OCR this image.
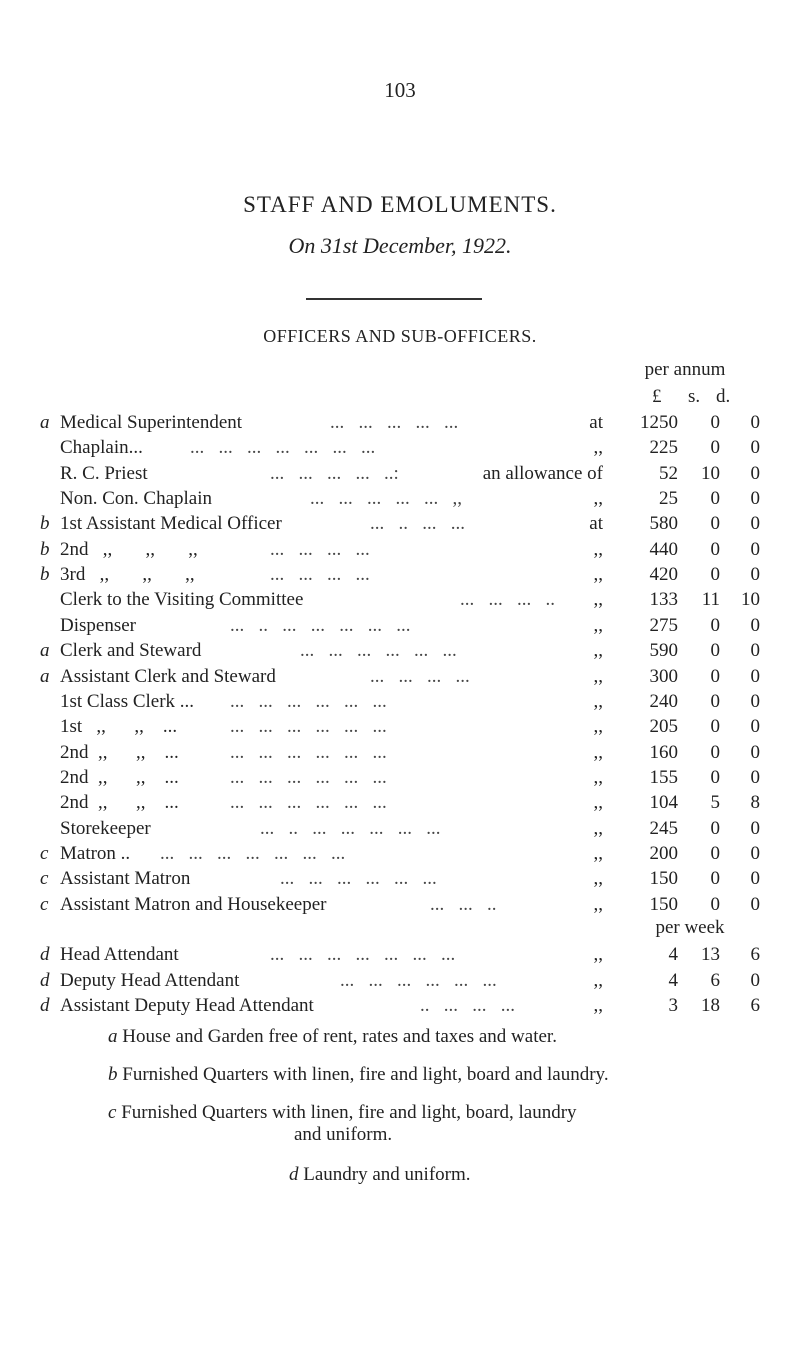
103
STAFF AND EMOLUMENTS.
On 31st December, 1922.
OFFICERS AND SUB-OFFICERS.
per annum
£ s. d.
a Medical Superintendent	...   ...   ...   ...   ...	at	1250	0	0
Chaplain... ...   ...   ...   ...   ...   ...   ...	,,	225	0	0
R. C. Priest	...   ...   ...   ...   ..:	an allowance of	52	10	0
Non. Con. Chaplain	...   ...   ...   ...   ...   ,,	,,	25	0	0
b 1st Assistant Medical Officer	...   ..   ...   ...	at	580	0	0
b 2nd   ,,       ,,       ,,	...   ...   ...   ...	,,	440	0	0
b 3rd   ,,       ,,       ,,	...   ...   ...   ...	,,	420	0	0
Clerk to the Visiting Committee	...   ...   ...   .. ,,	133	11	10
Dispenser	...   ..   ...   ...   ...   ...   ...	,,	275	0	0
a Clerk and Steward	...   ...   ...   ...   ...   ...	,,	590	0	0
a Assistant Clerk and Steward	...   ...   ...   ...	,,	300	0	0
1st Class Clerk ... ...   ...   ...   ...   ...   ...	,,	240	0	0
1st   ,,      ,,    ...	...   ...   ...   ...   ...   ...	,,	205	0	0
2nd  ,,      ,,    ...	...   ...   ...   ...   ...   ...	,,	160	0	0
2nd  ,,      ,,    ...	...   ...   ...   ...   ...   ...	,,	155	0	0
2nd  ,,      ,,    ...	...   ...   ...   ...   ...   ...	,,	104	5	8
Storekeeper	...   ..   ...   ...   ...   ...   ...	,,	245	0	0
c Matron .. ...   ...   ...   ...   ...   ...   ...	,,	200	0	0
c Assistant Matron	...   ...   ...   ...   ...   ...	,,	150	0	0
c Assistant Matron and Housekeeper	...   ...   ..	,,	150	0	0
per week
d Head Attendant	...   ...   ...   ...   ...   ...   ...	,,	4	13	6
d Deputy Head Attendant	...   ...   ...   ...   ...   ...	,,	4	6	0
d Assistant Deputy Head Attendant	..   ...   ...   ...	,,	3	18	6
a House and Garden free of rent, rates and taxes and water.
b Furnished Quarters with linen, fire and light, board and laundry.
c Furnished Quarters with linen, fire and light, board, laundry
and uniform.
d Laundry and uniform.
